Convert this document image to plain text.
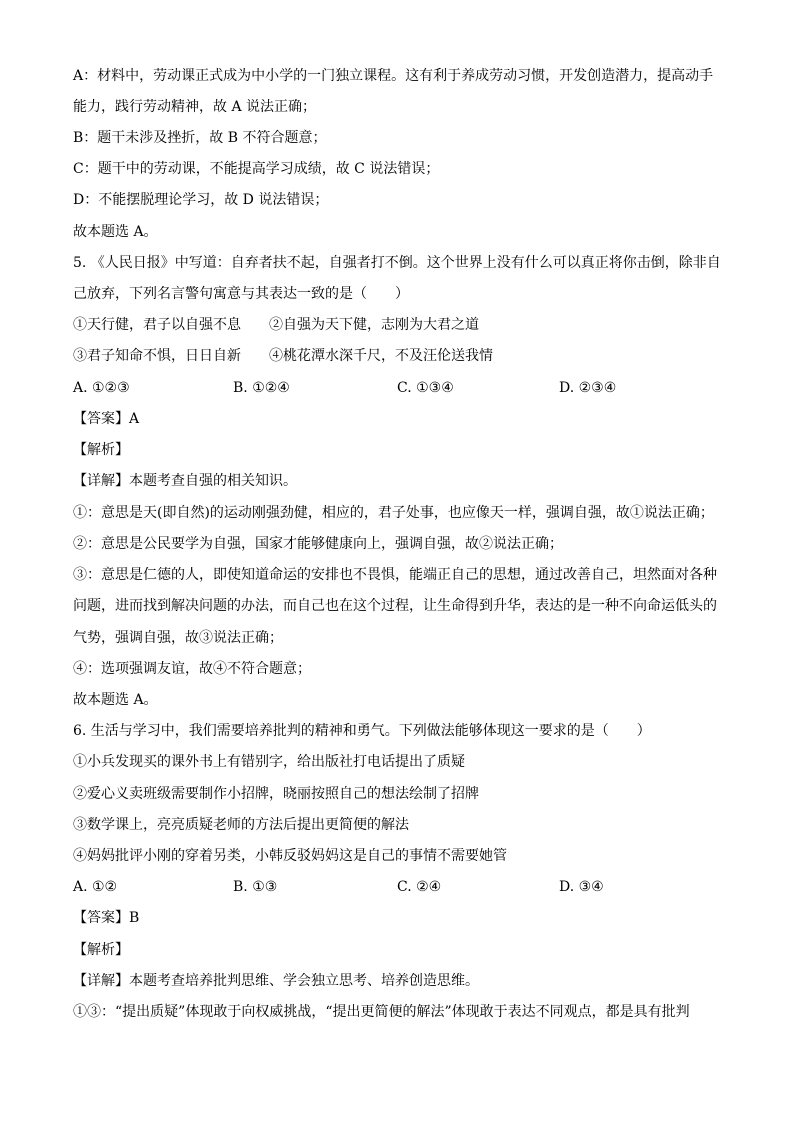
A：材料中，劳动课正式成为中小学的一门独立课程。这有利于养成劳动习惯，开发创造潜力，提高动手
能力，践行劳动精神，故 A 说法正确；
B：题干未涉及挫折，故 B 不符合题意；
C：题干中的劳动课，不能提高学习成绩，故 C 说法错误；
D：不能摆脱理论学习，故 D 说法错误；
故本题选 A。
5. 《人民日报》中写道：自弃者扶不起，自强者打不倒。这个世界上没有什么可以真正将你击倒，除非自
己放弃，下列名言警句寓意与其表达一致的是（　　）
①天行健，君子以自强不息　　②自强为天下健，志刚为大君之道
③君子知命不惧，日日自新　　④桃花潭水深千尺，不及汪伦送我情
A. ①②③	B. ①②④	C. ①③④	D. ②③④
【答案】A
【解析】
【详解】本题考查自强的相关知识。
①：意思是天(即自然)的运动刚强劲健，相应的，君子处事，也应像天一样，强调自强，故①说法正确；
②：意思是公民要学为自强，国家才能够健康向上，强调自强，故②说法正确；
③：意思是仁德的人，即使知道命运的安排也不畏惧，能端正自己的思想，通过改善自己，坦然面对各种
问题，进而找到解决问题的办法，而自己也在这个过程，让生命得到升华，表达的是一种不向命运低头的
气势，强调自强，故③说法正确；
④：选项强调友谊，故④不符合题意；
故本题选 A。
6. 生活与学习中，我们需要培养批判的精神和勇气。下列做法能够体现这一要求的是（　　）
①小兵发现买的课外书上有错别字，给出版社打电话提出了质疑
②爱心义卖班级需要制作小招牌，晓丽按照自己的想法绘制了招牌
③数学课上，亮亮质疑老师的方法后提出更简便的解法
④妈妈批评小刚的穿着另类，小韩反驳妈妈这是自己的事情不需要她管
A. ①②	B. ①③	C. ②④	D. ③④
【答案】B
【解析】
【详解】本题考查培养批判思维、学会独立思考、培养创造思维。
①③：“提出质疑”体现敢于向权威挑战，“提出更简便的解法”体现敢于表达不同观点，都是具有批判
